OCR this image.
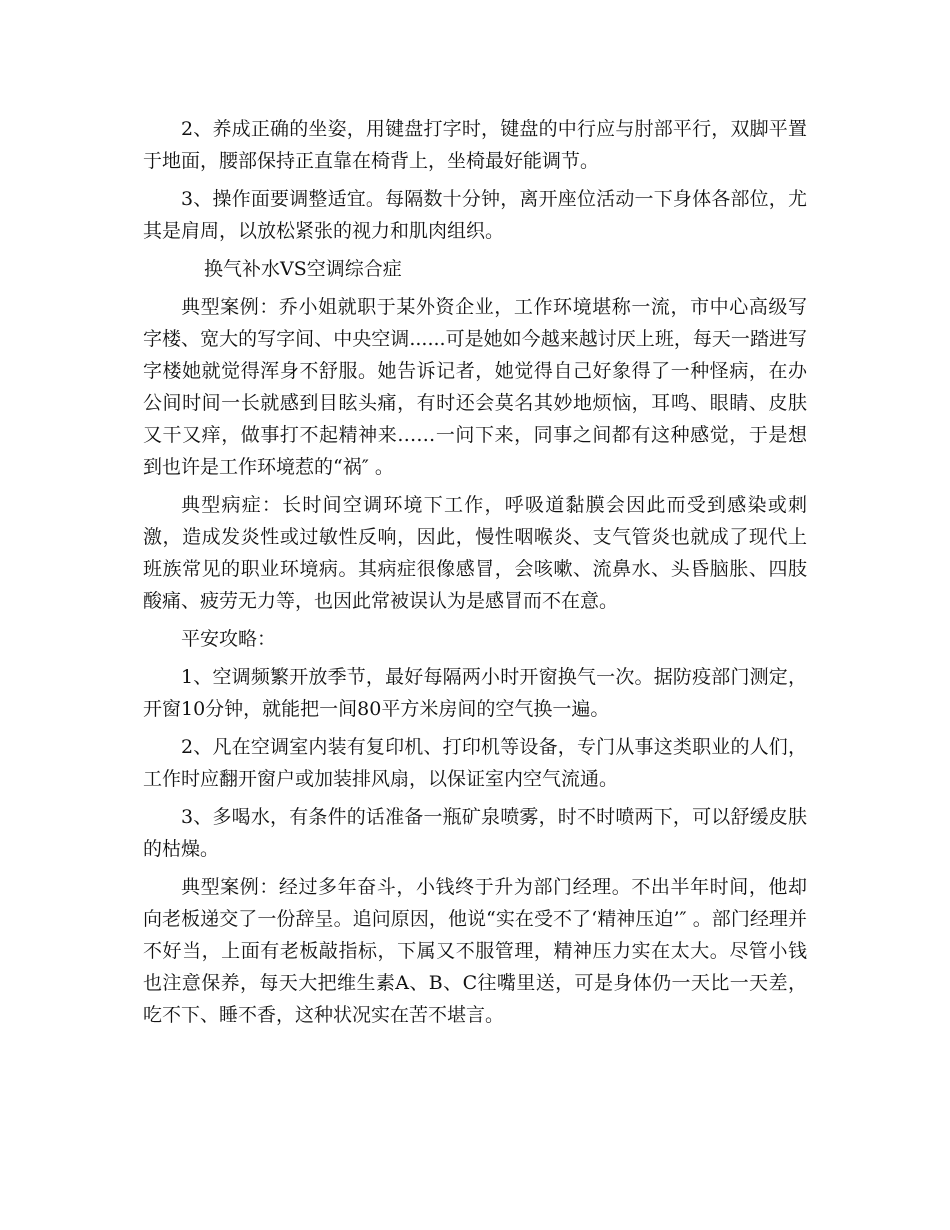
2、养成正确的坐姿，用键盘打字时，键盘的中行应与肘部平行，双脚平置于地面，腰部保持正直靠在椅背上，坐椅最好能调节。

3、操作面要调整适宜。每隔数十分钟，离开座位活动一下身体各部位，尤其是肩周，以放松紧张的视力和肌肉组织。

换气补水VS空调综合症

典型案例：乔小姐就职于某外资企业，工作环境堪称一流，市中心高级写字楼、宽大的写字间、中央空调......可是她如今越来越讨厌上班，每天一踏进写字楼她就觉得浑身不舒服。她告诉记者，她觉得自己好象得了一种怪病，在办公间时间一长就感到目眩头痛，有时还会莫名其妙地烦恼，耳鸣、眼睛、皮肤又干又痒，做事打不起精神来……一问下来，同事之间都有这种感觉，于是想到也许是工作环境惹的“祸″ 。

典型病症：长时间空调环境下工作，呼吸道黏膜会因此而受到感染或刺激，造成发炎性或过敏性反响，因此，慢性咽喉炎、支气管炎也就成了现代上班族常见的职业环境病。其病症很像感冒，会咳嗽、流鼻水、头昏脑胀、四肢酸痛、疲劳无力等，也因此常被误认为是感冒而不在意。

平安攻略：

1、空调频繁开放季节，最好每隔两小时开窗换气一次。据防疫部门测定，开窗10分钟，就能把一间80平方米房间的空气换一遍。

2、凡在空调室内装有复印机、打印机等设备，专门从事这类职业的人们，工作时应翻开窗户或加装排风扇，以保证室内空气流通。

3、多喝水，有条件的话准备一瓶矿泉喷雾，时不时喷两下，可以舒缓皮肤的枯燥。

典型案例：经过多年奋斗，小钱终于升为部门经理。不出半年时间，他却向老板递交了一份辞呈。追问原因，他说“实在受不了‘精神压迫’″ 。部门经理并不好当，上面有老板敲指标，下属又不服管理，精神压力实在太大。尽管小钱也注意保养，每天大把维生素A、B、C往嘴里送，可是身体仍一天比一天差，吃不下、睡不香，这种状况实在苦不堪言。
